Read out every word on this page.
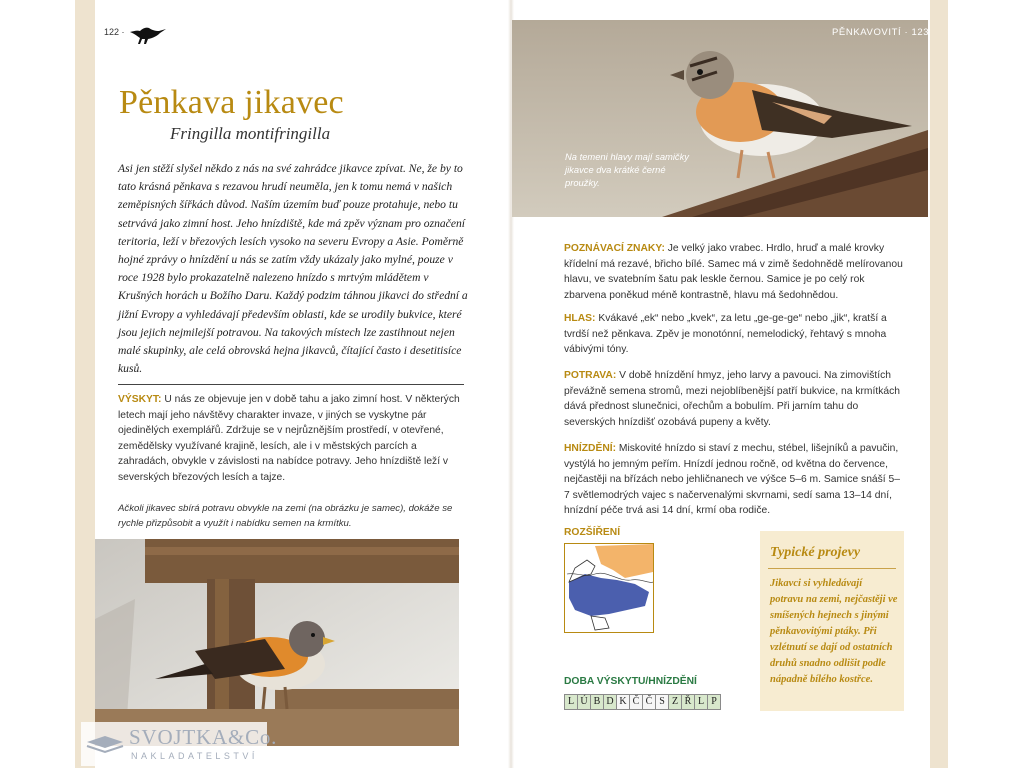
122 ·
Pěnkava jikavec
Fringilla montifringilla

Asi jen stěží slyšel někdo z nás na své zahrádce jikavce zpívat. Ne, že by to tato krásná pěnkava s rezavou hrudí neuměla, jen k tomu nemá v našich zeměpisných šířkách důvod. Naším územím buď pouze protahuje, nebo tu setrvává jako zimní host. Jeho hnízdiště, kde má zpěv význam pro označení teritoria, leží v březových lesích vysoko na severu Evropy a Asie. Poměrně hojné zprávy o hnízdění u nás se zatím vždy ukázaly jako mylné, pouze v roce 1928 bylo prokazatelně nalezeno hnízdo s mrtvým mládětem v Krušných horách u Božího Daru. Každý podzim táhnou jikavci do střední a jižní Evropy a vyhledávají především oblasti, kde se urodily bukvice, které jsou jejich nejmilejší potravou. Na takových místech lze zastihnout nejen malé skupinky, ale celá obrovská hejna jikavců, čítající často i desetitisíce kusů.

VÝSKYT: U nás ze objevuje jen v době tahu a jako zimní host. V některých letech mají jeho návštěvy charakter invaze, v jiných se vyskytne pár ojedinělých exemplářů. Zdržuje se v nejrůznějším prostředí, v otevřené, zemědělsky využívané krajině, lesích, ale i v městských parcích a zahradách, obvykle v závislosti na nabídce potravy. Jeho hnízdiště leží v severských březových lesích a tajze.

Ačkoli jikavec sbírá potravu obvykle na zemi (na obrázku je samec), dokáže se rychle přizpůsobit a využít i nabídku semen na krmítku.

PĚNKAVOVITÍ · 123
Na temeni hlavy mají samičky jikavce dva krátké černé proužky.

POZNÁVACÍ ZNAKY: Je velký jako vrabec. Hrdlo, hruď a malé krovky křídelní má rezavé, břicho bílé. Samec má v zimě šedohnědě melírovanou hlavu, ve svatebním šatu pak leskle černou. Samice je po celý rok zbarvena poněkud méně kontrastně, hlavu má šedohnědou.

HLAS: Kvákavé „ek“ nebo „kvek“, za letu „ge-ge-ge“ nebo „jik“, kratší a tvrdší než pěnkava. Zpěv je monotónní, nemelodický, řehtavý s mnoha vábivými tóny.

POTRAVA: V době hnízdění hmyz, jeho larvy a pavouci. Na zimovištích převážně semena stromů, mezi nejoblíbenější patří bukvice, na krmítkách dává přednost slunečnici, ořechům a bobulím. Při jarním tahu do severských hnízdišť ozobává pupeny a květy.

HNÍZDĚNÍ: Miskovité hnízdo si staví z mechu, stébel, lišejníků a pavučin, vystýlá ho jemným peřím. Hnízdí jednou ročně, od května do července, nejčastěji na břízách nebo jehličnanech ve výšce 5–6 m. Samice snáší 5–7 světlemodrých vajec s načervenalými skvrnami, sedí sama 13–14 dní, hnízdní péče trvá asi 14 dní, krmí oba rodiče.

ROZŠÍŘENÍ
Typické projevy

Jikavci si vyhledávají potravu na zemi, nejčastěji ve smíšených hejnech s jinými pěnkavovitými ptáky. Při vzlétnutí se dají od ostatních druhů snadno odlišit podle nápadně bílého kostřce.

DOBA VÝSKYTU/HNÍZDĚNÍ
L Ú B D K Č Č S Z Ř L P
SVOJTKA&Co.
NAKLADATELSTVÍ
